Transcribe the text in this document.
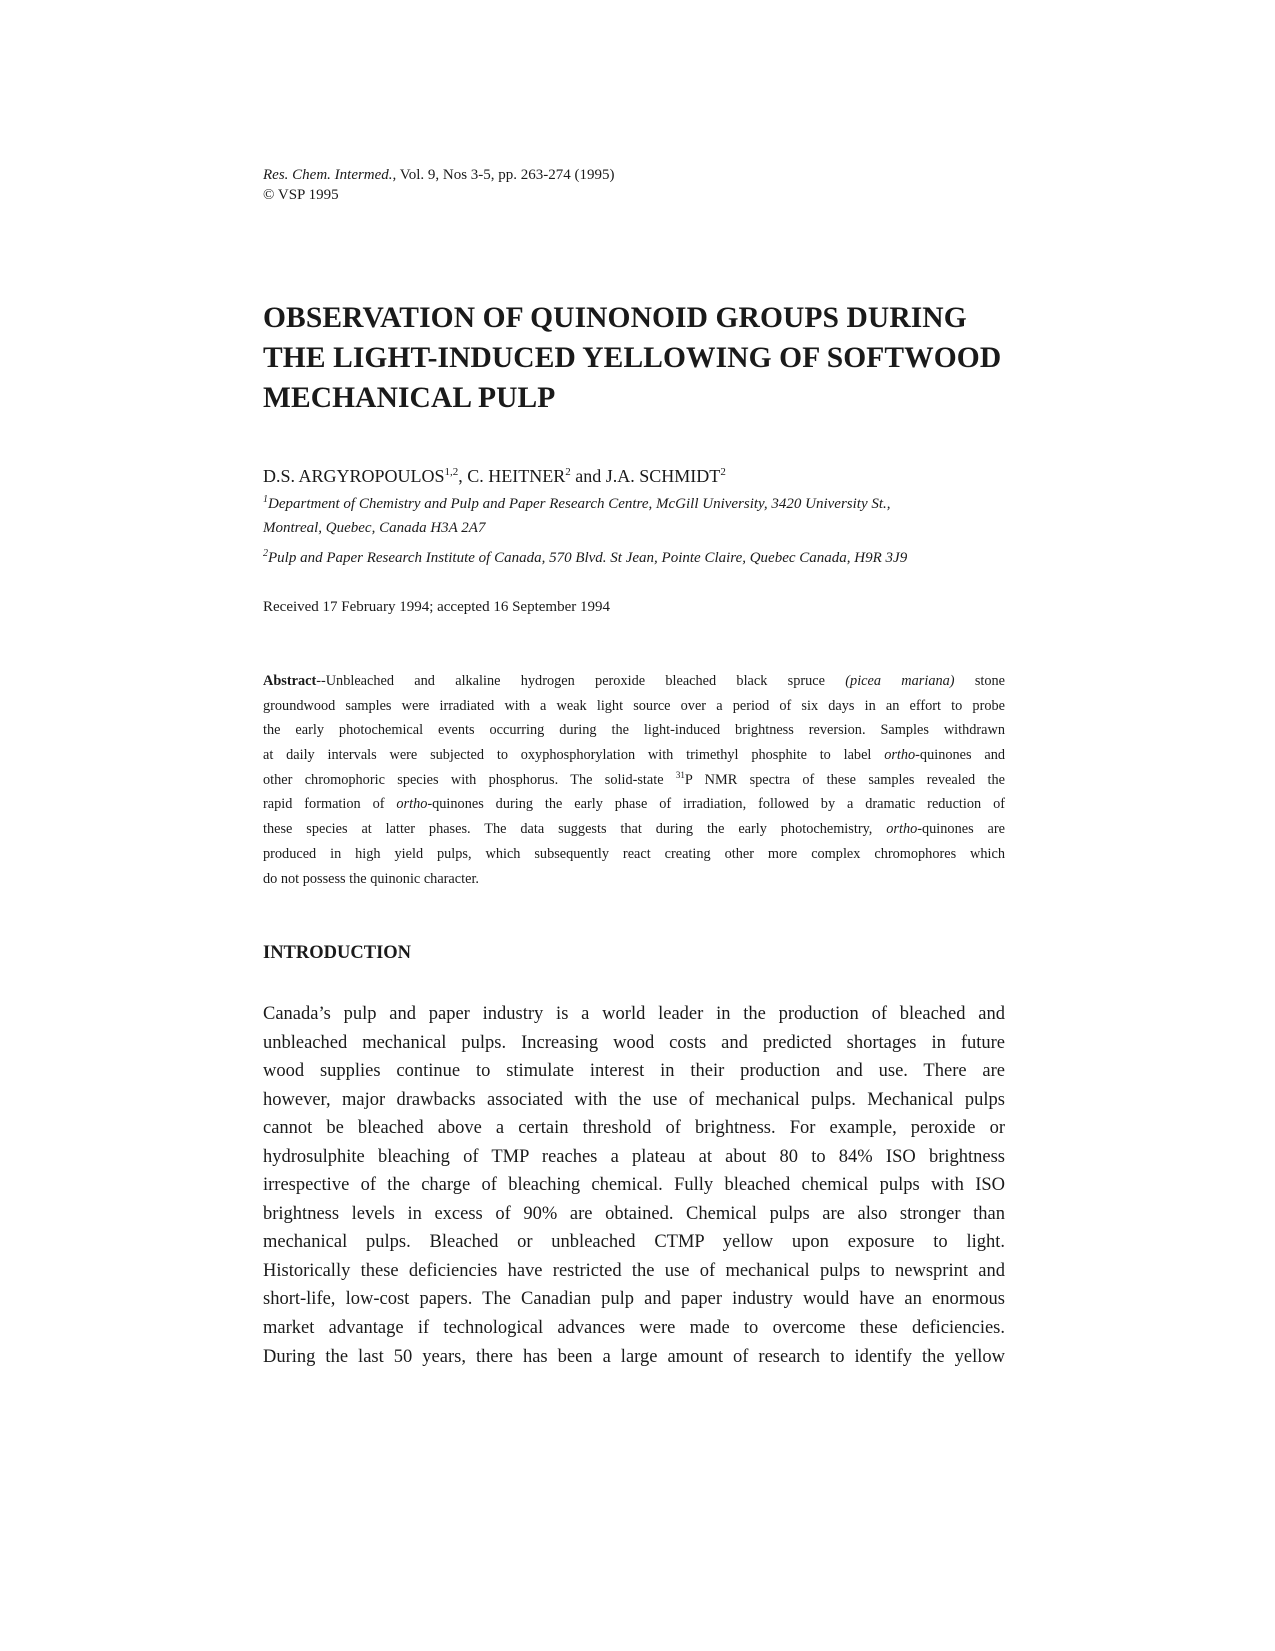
Res. Chem. Intermed., Vol. 9, Nos 3-5, pp. 263-274 (1995)
© VSP 1995
OBSERVATION OF QUINONOID GROUPS DURING
THE LIGHT-INDUCED YELLOWING OF SOFTWOOD
MECHANICAL PULP
D.S. ARGYROPOULOS$^{1,2}$, C. HEITNER$^2$ and J.A. SCHMIDT$^2$
$^1$Department of Chemistry and Pulp and Paper Research Centre, McGill University, 3420 University St.,
Montreal, Quebec, Canada H3A 2A7
$^2$Pulp and Paper Research Institute of Canada, 570 Blvd. St Jean, Pointe Claire, Quebec Canada, H9R 3J9
Received 17 February 1994; accepted 16 September 1994
Abstract--Unbleached and alkaline hydrogen peroxide bleached black spruce (picea mariana) stone
groundwood samples were irradiated with a weak light source over a period of six days in an effort to probe
the early photochemical events occurring during the light-induced brightness reversion. Samples withdrawn
at daily intervals were subjected to oxyphosphorylation with trimethyl phosphite to label ortho-quinones and
other chromophoric species with phosphorus. The solid-state $^{31}$P NMR spectra of these samples revealed the
rapid formation of ortho-quinones during the early phase of irradiation, followed by a dramatic reduction of
these species at latter phases. The data suggests that during the early photochemistry, ortho-quinones are
produced in high yield pulps, which subsequently react creating other more complex chromophores which
do not possess the quinonic character.
INTRODUCTION
Canada’s pulp and paper industry is a world leader in the production of bleached and
unbleached mechanical pulps. Increasing wood costs and predicted shortages in future
wood supplies continue to stimulate interest in their production and use. There are
however, major drawbacks associated with the use of mechanical pulps. Mechanical pulps
cannot be bleached above a certain threshold of brightness. For example, peroxide or
hydrosulphite bleaching of TMP reaches a plateau at about 80 to 84% ISO brightness
irrespective of the charge of bleaching chemical. Fully bleached chemical pulps with ISO
brightness levels in excess of 90% are obtained. Chemical pulps are also stronger than
mechanical pulps. Bleached or unbleached CTMP yellow upon exposure to light.
Historically these deficiencies have restricted the use of mechanical pulps to newsprint and
short-life, low-cost papers. The Canadian pulp and paper industry would have an enormous
market advantage if technological advances were made to overcome these deficiencies.
During the last 50 years, there has been a large amount of research to identify the yellow
